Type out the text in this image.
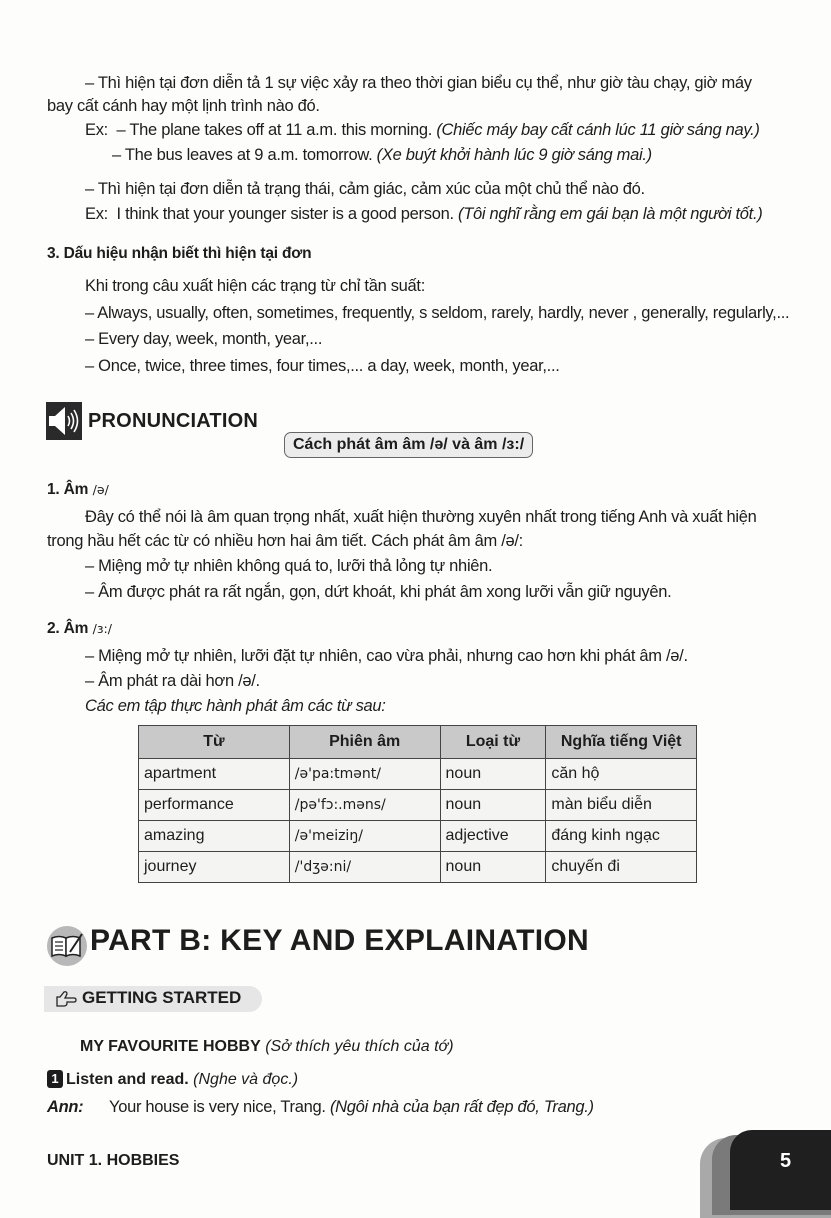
– Thì hiện tại đơn diễn tả 1 sự việc xảy ra theo thời gian biểu cụ thể, như giờ tàu chạy, giờ máy
bay cất cánh hay một lịnh trình nào đó.
Ex: – The plane takes off at 11 a.m. this morning. (Chiếc máy bay cất cánh lúc 11 giờ sáng nay.)
– The bus leaves at 9 a.m. tomorrow. (Xe buýt khởi hành lúc 9 giờ sáng mai.)
– Thì hiện tại đơn diễn tả trạng thái, cảm giác, cảm xúc của một chủ thể nào đó.
Ex: I think that your younger sister is a good person. (Tôi nghĩ rằng em gái bạn là một người tốt.)
3. Dấu hiệu nhận biết thì hiện tại đơn
Khi trong câu xuất hiện các trạng từ chỉ tần suất:
– Always, usually, often, sometimes, frequently, s seldom, rarely, hardly, never , generally, regularly,...
– Every day, week, month, year,...
– Once, twice, three times, four times,... a day, week, month, year,...
PRONUNCIATION
Cách phát âm âm /ə/ và âm /ɜ:/
1. Âm /ə/
Đây có thể nói là âm quan trọng nhất, xuất hiện thường xuyên nhất trong tiếng Anh và xuất hiện
trong hầu hết các từ có nhiều hơn hai âm tiết. Cách phát âm âm /ə/:
– Miệng mở tự nhiên không quá to, lưỡi thả lỏng tự nhiên.
– Âm được phát ra rất ngắn, gọn, dứt khoát, khi phát âm xong lưỡi vẫn giữ nguyên.
2. Âm /ɜ:/
– Miệng mở tự nhiên, lưỡi đặt tự nhiên, cao vừa phải, nhưng cao hơn khi phát âm /ə/.
– Âm phát ra dài hơn /ə/.
Các em tập thực hành phát âm các từ sau:
Từ	Phiên âm	Loại từ	Nghĩa tiếng Việt
apartment	/ə'pa:tmənt/	noun	căn hộ
performance	/pə'fɔ:.məns/	noun	màn biểu diễn
amazing	/ə'meiziŋ/	adjective	đáng kinh ngạc
journey	/'dʒə:ni/	noun	chuyến đi
PART B: KEY AND EXPLAINATION
GETTING STARTED
MY FAVOURITE HOBBY (Sở thích yêu thích của tớ)
1 Listen and read. (Nghe và đọc.)
Ann: Your house is very nice, Trang. (Ngôi nhà của bạn rất đẹp đó, Trang.)
UNIT 1. HOBBIES	5
